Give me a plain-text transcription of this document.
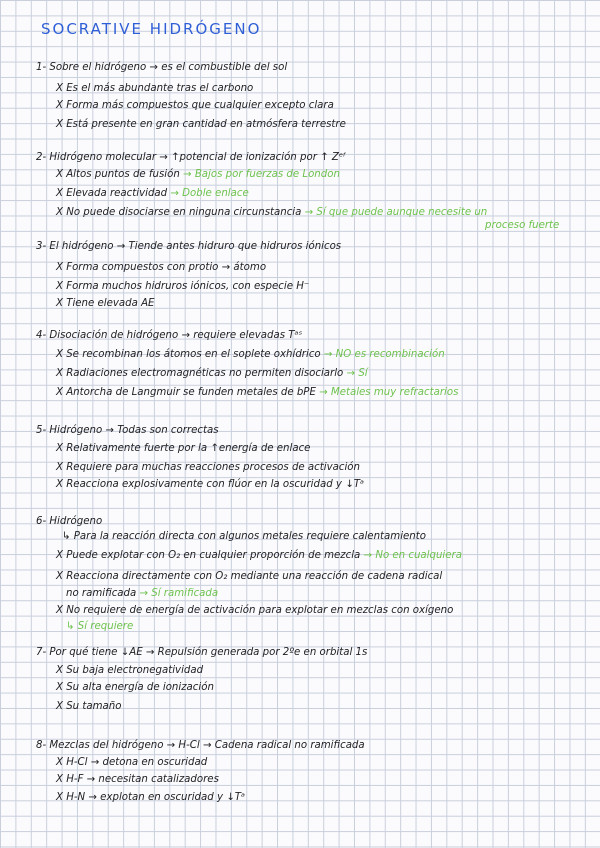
SOCRATIVE HIDRÓGENO
1- Sobre el hidrógeno → es el combustible del sol
X Es el más abundante tras el carbono
X Forma más compuestos que cualquier excepto clara
X Está presente en gran cantidad en atmósfera terrestre
2- Hidrógeno molecular → ↑potencial de ionización por ↑ Zᵉᶠ
X Altos puntos de fusión → Bajos por fuerzas de London
X Elevada reactividad → Doble enlace
X No puede disociarse en ninguna circunstancia → Sí que puede aunque necesite un
proceso fuerte
3- El hidrógeno → Tiende antes hidruro que hidruros iónicos
X Forma compuestos con protio → átomo
X Forma muchos hidruros iónicos, con especie H⁻
X Tiene elevada AE
4- Disociación de hidrógeno → requiere elevadas Tᵃˢ
X Se recombinan los átomos en el soplete oxhídrico → NO es recombinación
X Radiaciones electromagnéticas no permiten disociarlo → Sí
X Antorcha de Langmuir se funden metales de bPE → Metales muy refractarios
5- Hidrógeno → Todas son correctas
X Relativamente fuerte por la ↑energía de enlace
X Requiere para muchas reacciones procesos de activación
X Reacciona explosivamente con flúor en la oscuridad y ↓Tᵃ
6- Hidrógeno
↳ Para la reacción directa con algunos metales requiere calentamiento
X Puede explotar con O₂ en cualquier proporción de mezcla → No en cualquiera
X Reacciona directamente con O₂ mediante una reacción de cadena radical
no ramificada → Sí ramificada
X No requiere de energía de activación para explotar en mezclas con oxígeno
↳ Sí requiere
7- Por qué tiene ↓AE → Repulsión generada por 2ºe en orbital 1s
X Su baja electronegatividad
X Su alta energía de ionización
X Su tamaño
8- Mezclas del hidrógeno → H-Cl → Cadena radical no ramificada
X H-Cl → detona en oscuridad
X H-F → necesitan catalizadores
X H-N → explotan en oscuridad y ↓Tᵃ
